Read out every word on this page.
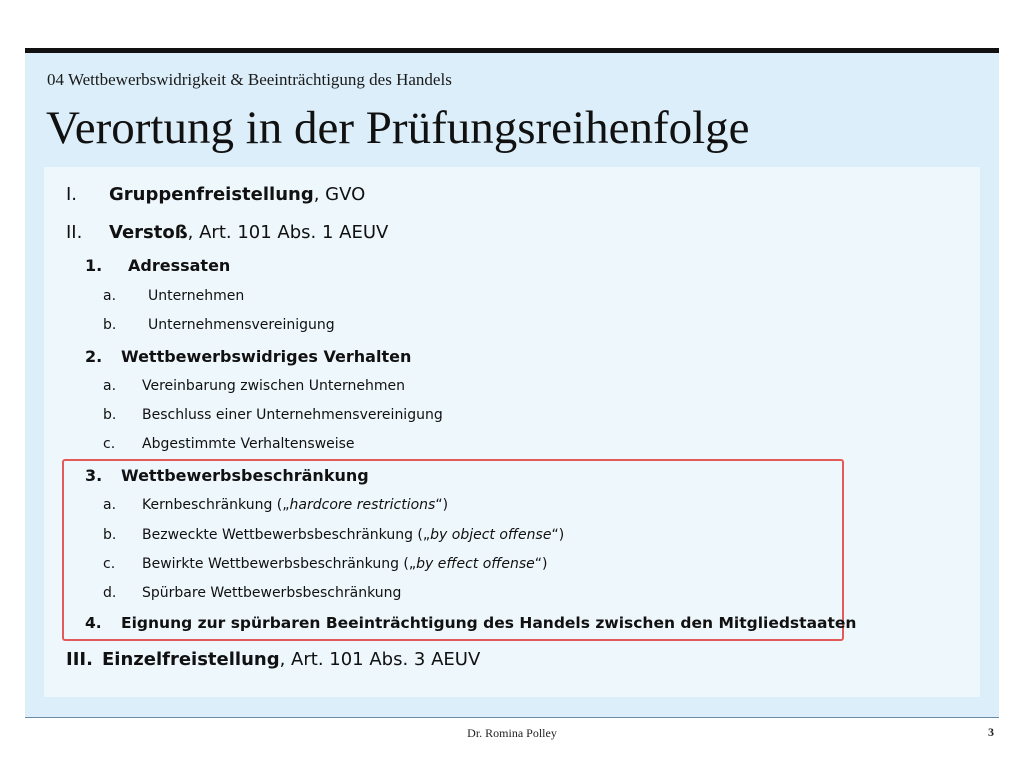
04 Wettbewerbswidrigkeit & Beeinträchtigung des Handels
Verortung in der Prüfungsreihenfolge
I. Gruppenfreistellung, GVO
II. Verstoß, Art. 101 Abs. 1 AEUV
1. Adressaten
a. Unternehmen
b. Unternehmensvereinigung
2. Wettbewerbswidriges Verhalten
a. Vereinbarung zwischen Unternehmen
b. Beschluss einer Unternehmensvereinigung
c. Abgestimmte Verhaltensweise
3. Wettbewerbsbeschränkung
a. Kernbeschränkung („hardcore restrictions“)
b. Bezweckte Wettbewerbsbeschränkung („by object offense“)
c. Bewirkte Wettbewerbsbeschränkung („by effect offense“)
d. Spürbare Wettbewerbsbeschränkung
4. Eignung zur spürbaren Beeinträchtigung des Handels zwischen den Mitgliedstaaten
III. Einzelfreistellung, Art. 101 Abs. 3 AEUV
Dr. Romina Polley	3
